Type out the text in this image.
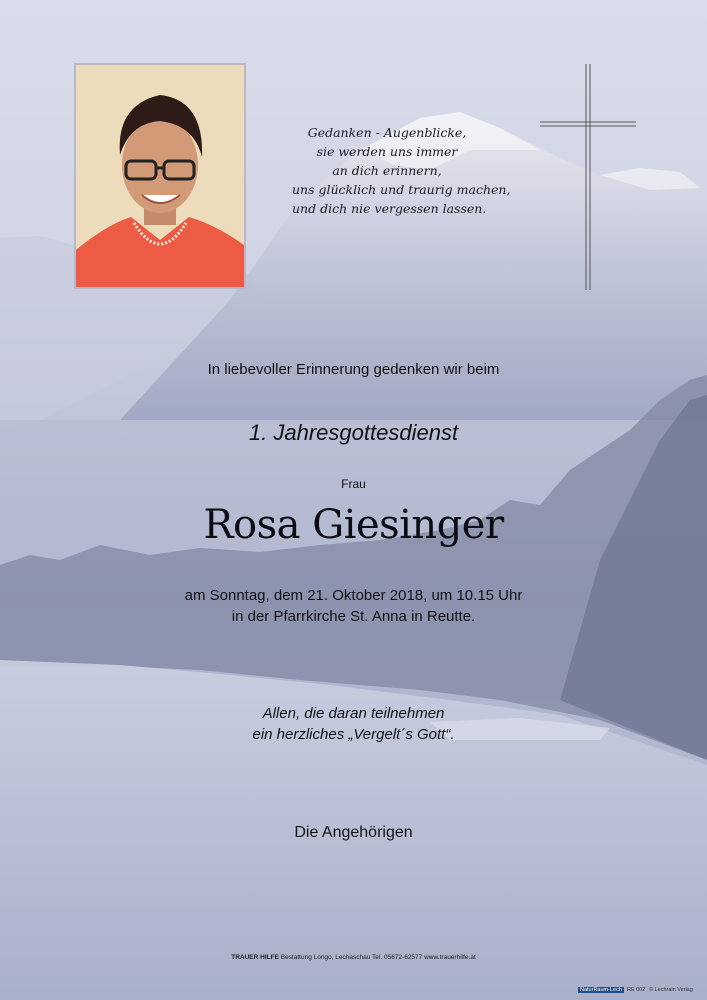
Gedanken - Augenblicke,
sie werden uns immer
an dich erinnern,
uns glücklich und traurig machen,
und dich nie vergessen lassen.
In liebevoller Erinnerung gedenken wir beim
1. Jahresgottesdienst
Frau
Rosa Giesinger
am Sonntag, dem 21. Oktober 2018, um 10.15 Uhr
in der Pfarrkirche St. Anna in Reutte.
Allen, die daran teilnehmen
ein herzliches „Vergelt´s Gott“.
Die Angehörigen
TRAUER HILFE Bestattung Longo, Lechaschau Tel. 05672-62577 www.trauerhilfe.at
NaturRaum-Lech RE 002 © Lechrain Verlag
